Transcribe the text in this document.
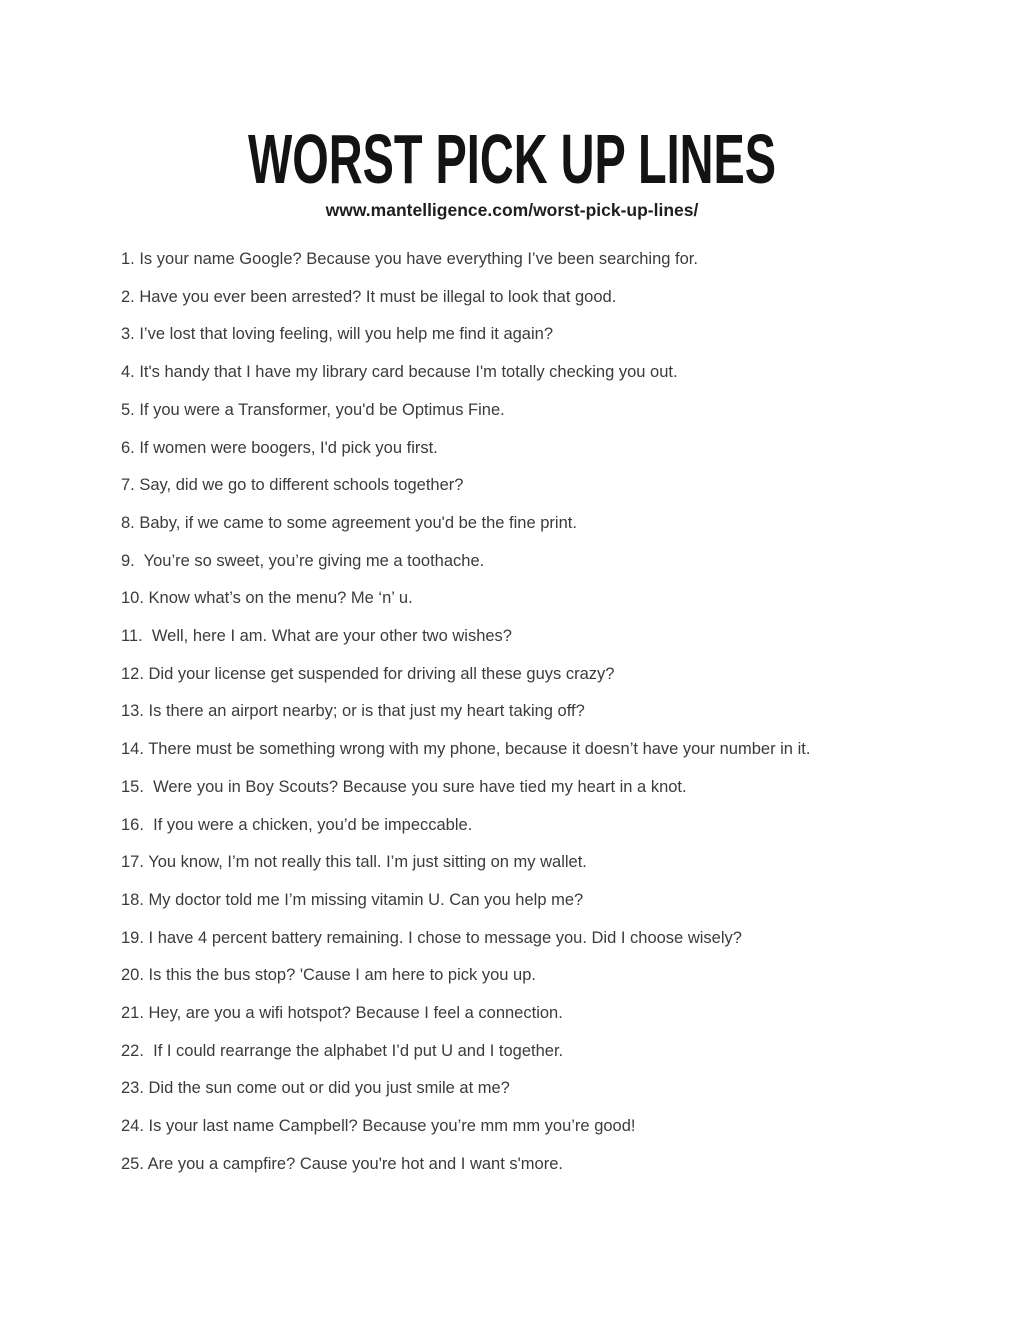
WORST PICK UP LINES
www.mantelligence.com/worst-pick-up-lines/
1. Is your name Google? Because you have everything I’ve been searching for.
2. Have you ever been arrested? It must be illegal to look that good.
3. I’ve lost that loving feeling, will you help me find it again?
4. It's handy that I have my library card because I'm totally checking you out.
5. If you were a Transformer, you'd be Optimus Fine.
6. If women were boogers, I'd pick you first.
7. Say, did we go to different schools together?
8. Baby, if we came to some agreement you'd be the fine print.
9.  You’re so sweet, you’re giving me a toothache.
10. Know what’s on the menu? Me ‘n’ u.
11.  Well, here I am. What are your other two wishes?
12. Did your license get suspended for driving all these guys crazy?
13. Is there an airport nearby; or is that just my heart taking off?
14. There must be something wrong with my phone, because it doesn’t have your number in it.
15.  Were you in Boy Scouts? Because you sure have tied my heart in a knot.
16.  If you were a chicken, you’d be impeccable.
17. You know, I’m not really this tall. I’m just sitting on my wallet.
18. My doctor told me I’m missing vitamin U. Can you help me?
19. I have 4 percent battery remaining. I chose to message you. Did I choose wisely?
20. Is this the bus stop? 'Cause I am here to pick you up.
21. Hey, are you a wifi hotspot? Because I feel a connection.
22.  If I could rearrange the alphabet I’d put U and I together.
23. Did the sun come out or did you just smile at me?
24. Is your last name Campbell? Because you’re mm mm you’re good!
25. Are you a campfire? Cause you're hot and I want s'more.
